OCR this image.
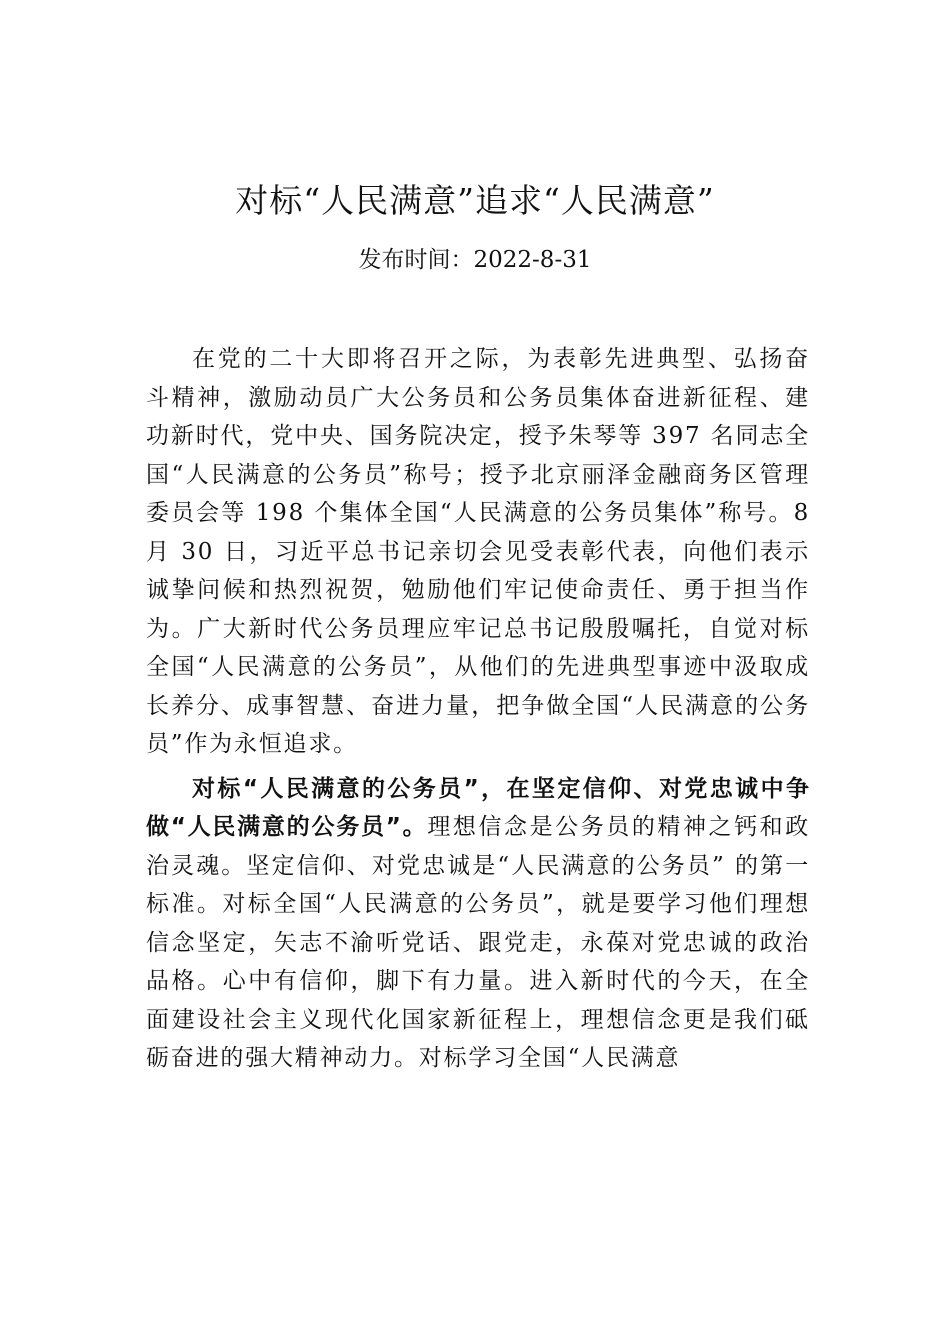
对标“人民满意”追求“人民满意”
发布时间：2022-8-31

在党的二十大即将召开之际，为表彰先进典型、弘扬奋斗精神，激励动员广大公务员和公务员集体奋进新征程、建功新时代，党中央、国务院决定，授予朱琴等 397 名同志全国“人民满意的公务员”称号；授予北京丽泽金融商务区管理委员会等 198 个集体全国“人民满意的公务员集体”称号。8 月 30 日，习近平总书记亲切会见受表彰代表，向他们表示诚挚问候和热烈祝贺，勉励他们牢记使命责任、勇于担当作为。广大新时代公务员理应牢记总书记殷殷嘱托，自觉对标全国“人民满意的公务员”，从他们的先进典型事迹中汲取成长养分、成事智慧、奋进力量，把争做全国“人民满意的公务员”作为永恒追求。

对标“人民满意的公务员”，在坚定信仰、对党忠诚中争做“人民满意的公务员”。理想信念是公务员的精神之钙和政治灵魂。坚定信仰、对党忠诚是“人民满意的公务员” 的第一标准。对标全国“人民满意的公务员”，就是要学习他们理想信念坚定，矢志不渝听党话、跟党走，永葆对党忠诚的政治品格。心中有信仰，脚下有力量。进入新时代的今天，在全面建设社会主义现代化国家新征程上，理想信念更是我们砥砺奋进的强大精神动力。对标学习全国“人民满意
